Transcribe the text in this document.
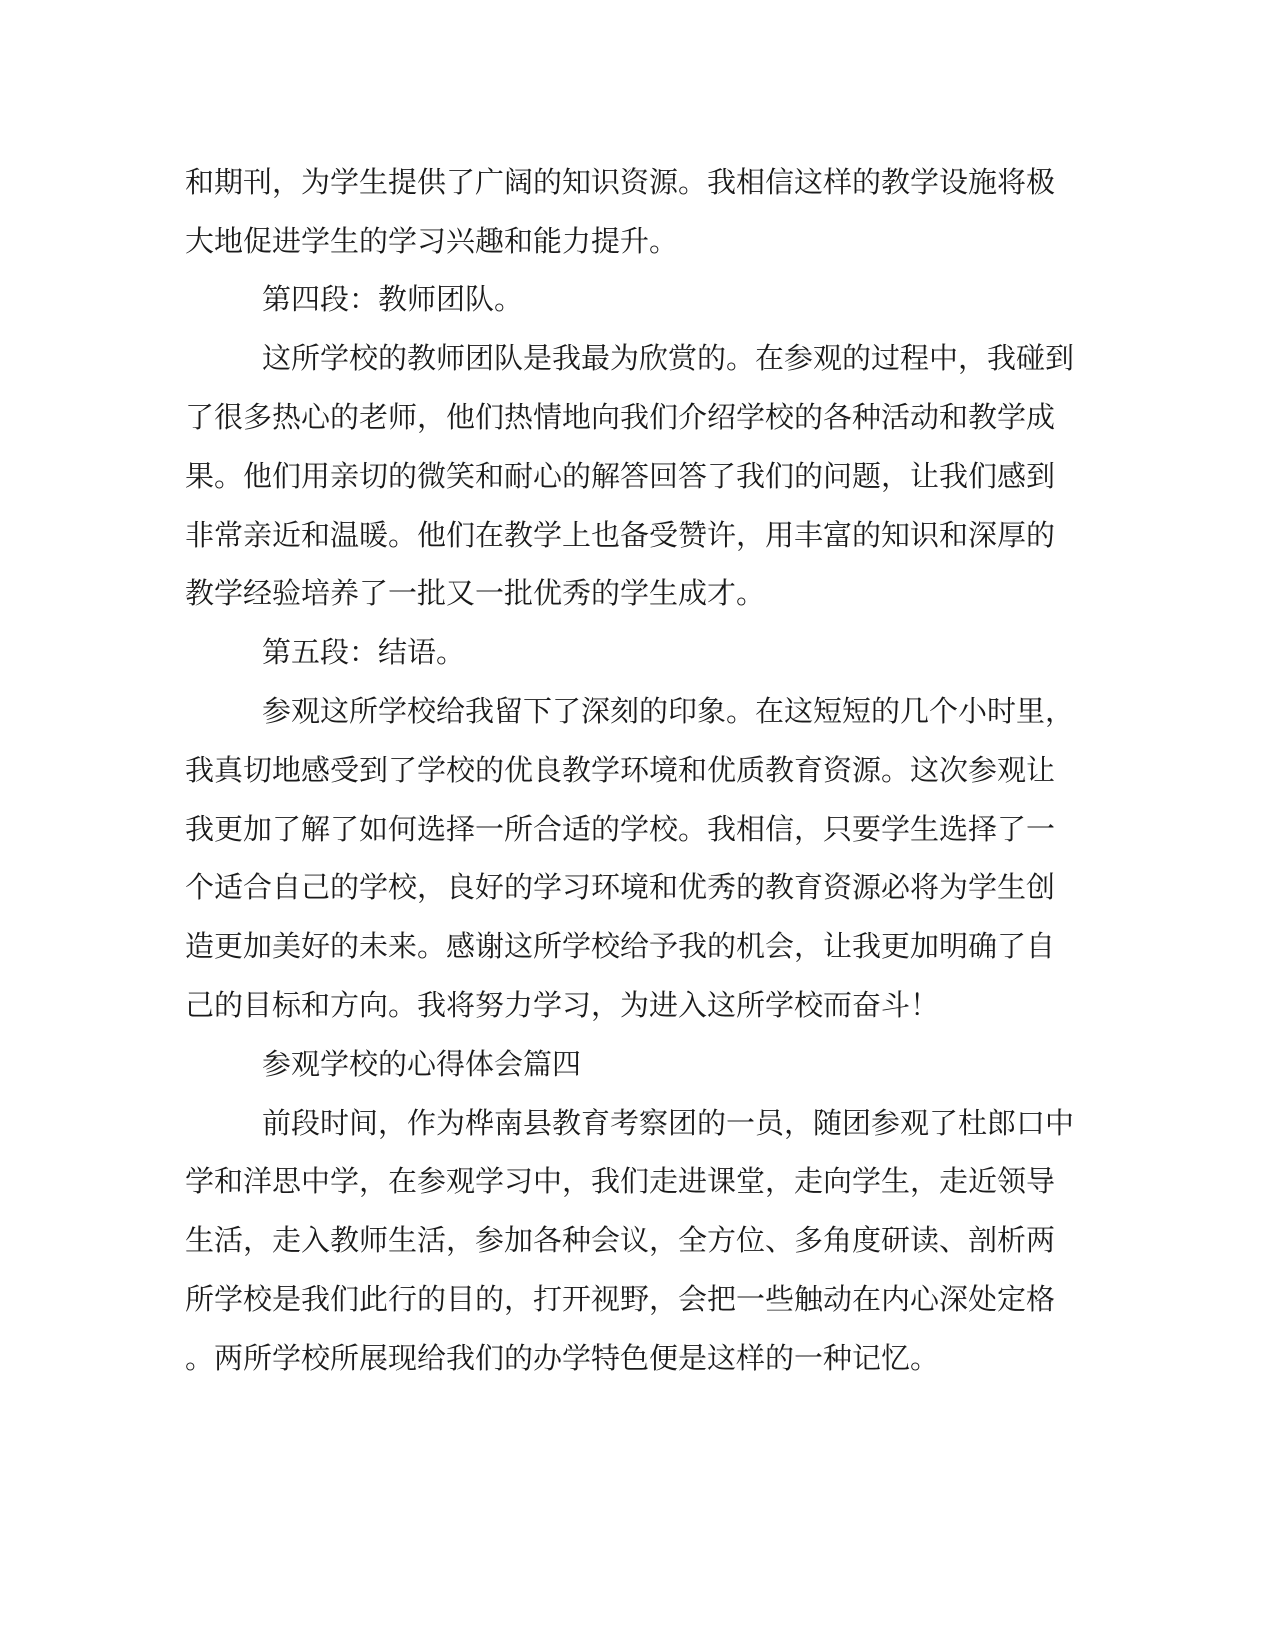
和期刊，为学生提供了广阔的知识资源。我相信这样的教学设施将极
大地促进学生的学习兴趣和能力提升。
第四段：教师团队。
这所学校的教师团队是我最为欣赏的。在参观的过程中，我碰到
了很多热心的老师，他们热情地向我们介绍学校的各种活动和教学成
果。他们用亲切的微笑和耐心的解答回答了我们的问题，让我们感到
非常亲近和温暖。他们在教学上也备受赞许，用丰富的知识和深厚的
教学经验培养了一批又一批优秀的学生成才。
第五段：结语。
参观这所学校给我留下了深刻的印象。在这短短的几个小时里，
我真切地感受到了学校的优良教学环境和优质教育资源。这次参观让
我更加了解了如何选择一所合适的学校。我相信，只要学生选择了一
个适合自己的学校，良好的学习环境和优秀的教育资源必将为学生创
造更加美好的未来。感谢这所学校给予我的机会，让我更加明确了自
己的目标和方向。我将努力学习，为进入这所学校而奋斗！
参观学校的心得体会篇四
前段时间，作为桦南县教育考察团的一员，随团参观了杜郎口中
学和洋思中学，在参观学习中，我们走进课堂，走向学生，走近领导
生活，走入教师生活，参加各种会议，全方位、多角度研读、剖析两
所学校是我们此行的目的，打开视野，会把一些触动在内心深处定格
。两所学校所展现给我们的办学特色便是这样的一种记忆。
